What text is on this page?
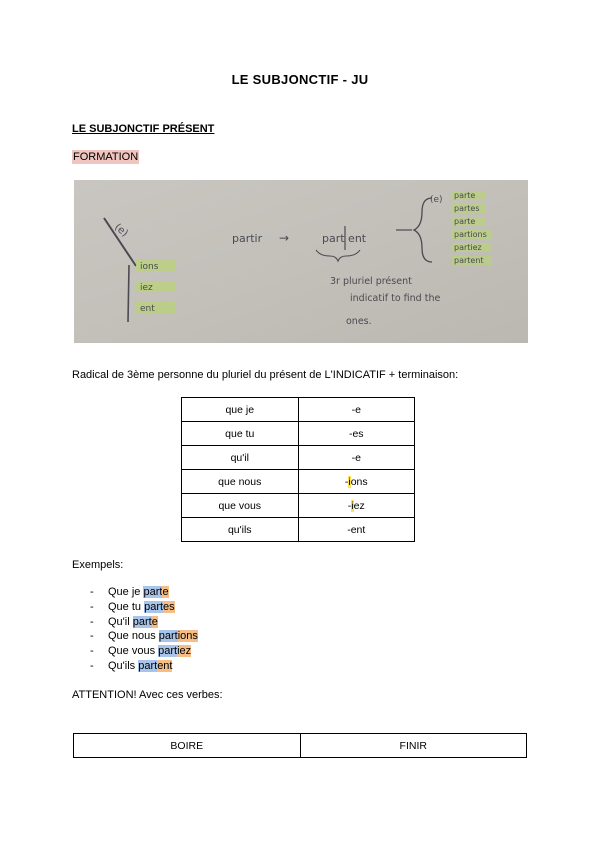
LE SUBJONCTIF - JU
LE SUBJONCTIF PRÉSENT
FORMATION
(e)
ions
iez
ent
partir →	part ent
3r pluriel présent
indicatif to find the
ones.
(e) parte
partes
parte
partions
partiez
partent
Radical de 3ème personne du pluriel du présent de L'INDICATIF + terminaison:
que je	-e
que tu	-es
qu'il	-e
que nous	-ions
que vous	-iez
qu'ils	-ent
Exempels:
- Que je parte
- Que tu partes
- Qu'il parte
- Que nous partions
- Que vous partiez
- Qu'ils partent
ATTENTION! Avec ces verbes:
BOIRE	FINIR
